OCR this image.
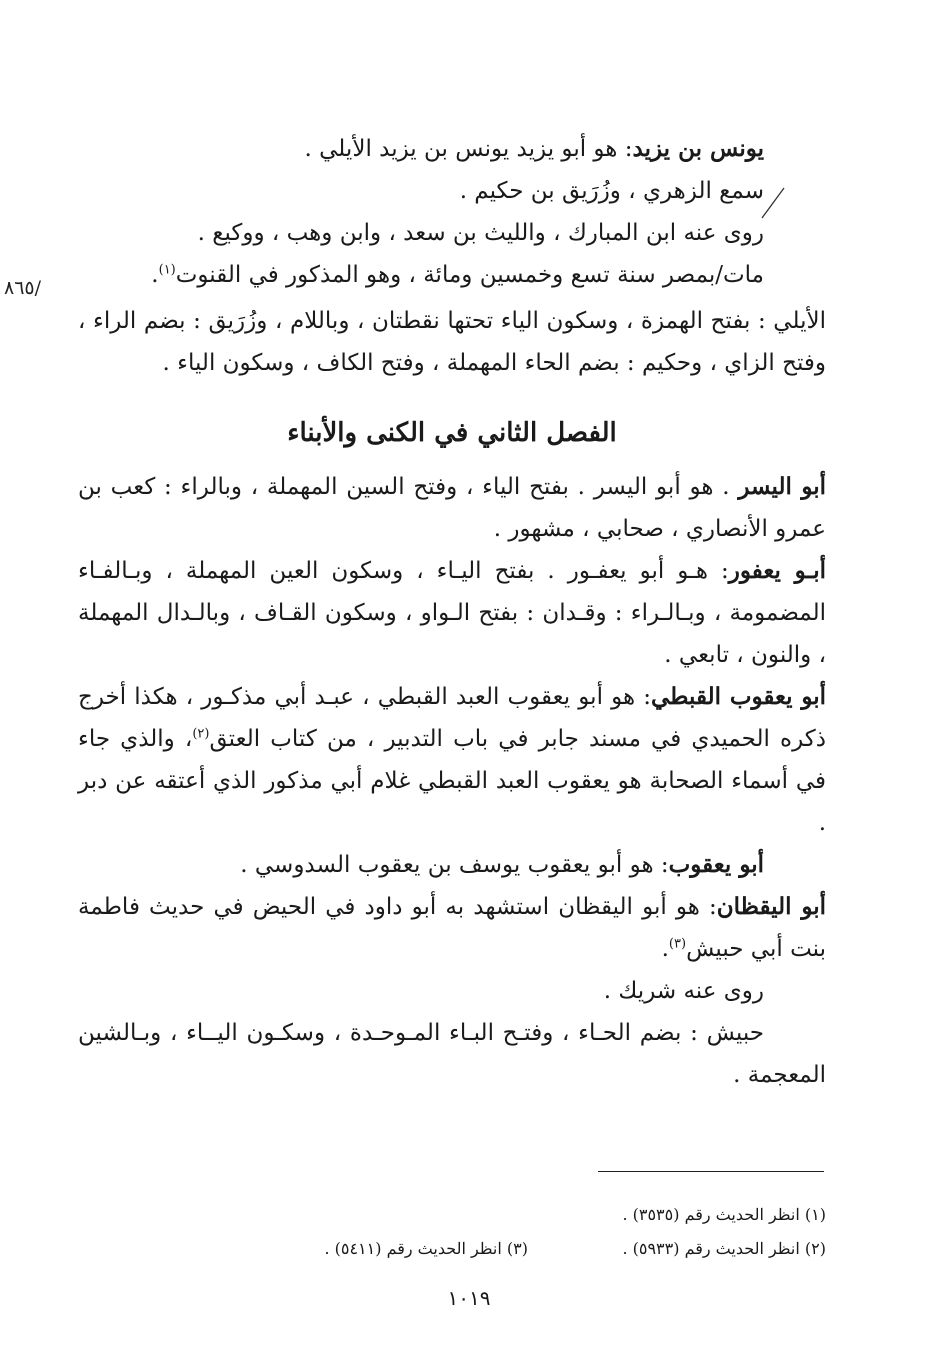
/٨٦٥

يونس بن يزيد: هو أبو يزيد يونس بن يزيد الأيلي .

سمع الزهري ، وزُرَيق بن حكيم .

روى عنه ابن المبارك ، والليث بن سعد ، وابن وهب ، ووكيع .

مات/بمصر سنة تسع وخمسين ومائة ، وهو المذكور في القنوت$^{(١)}$.

الأيلي : بفتح الهمزة ، وسكون الياء تحتها نقطتان ، وباللام ، وزُرَيق : بضم الراء ، وفتح الزاي ، وحكيم : بضم الحاء المهملة ، وفتح الكاف ، وسكون الياء .

الفصل الثاني في الكنى والأبناء

أبو اليسر . هو أبو اليسر . بفتح الياء ، وفتح السين المهملة ، وبالراء : كعب بن عمرو الأنصاري ، صحابي ، مشهور .

أبـو يعفور: هـو أبو يعفـور . بفتح اليـاء ، وسكون العين المهملة ، وبـالفـاء المضمومة ، وبـالـراء : وقـدان : بفتح الـواو ، وسكون القـاف ، وبالـدال المهملة ، والنون ، تابعي .

أبو يعقوب القبطي: هو أبو يعقوب العبد القبطي ، عبـد أبي مذكـور ، هكذا أخرج ذكره الحميدي في مسند جابر في باب التدبير ، من كتاب العتق$^{(٢)}$، والذي جاء في أسماء الصحابة هو يعقوب العبد القبطي غلام أبي مذكور الذي أعتقه عن دبر .

أبو يعقوب: هو أبو يعقوب يوسف بن يعقوب السدوسي .

أبو اليقظان: هو أبو اليقظان استشهد به أبو داود في الحيض في حديث فاطمة بنت أبي حبيش$^{(٣)}$.

روى عنه شريك .

حبيش : بضم الحـاء ، وفتـح البـاء المـوحـدة ، وسكـون اليــاء ، وبـالشين المعجمة .

(١) انظر الحديث رقم (٣٥٣٥) .
(٢) انظر الحديث رقم (٥٩٣٣) .
(٣) انظر الحديث رقم (٥٤١١) .
١٠١٩
